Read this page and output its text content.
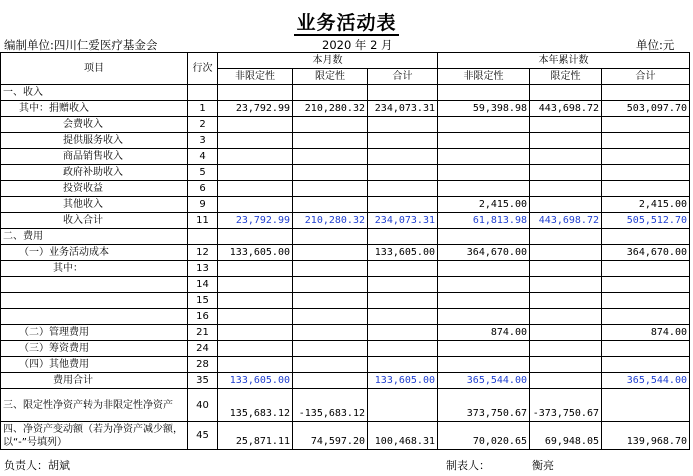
业务活动表
编制单位:四川仁爱医疗基金会	2020 年 2 月	单位:元
项目	行次	本月数			本年累计数		
		非限定性	限定性	合计	非限定性	限定性	合计
一、收入							
其中：捐赠收入	1	23,792.99	210,280.32	234,073.31	59,398.98	443,698.72	503,097.70
会费收入	2						
提供服务收入	3						
商品销售收入	4						
政府补助收入	5						
投资收益	6						
其他收入	9				2,415.00		2,415.00
收入合计	11	23,792.99	210,280.32	234,073.31	61,813.98	443,698.72	505,512.70
二、费用							
（一）业务活动成本	12	133,605.00		133,605.00	364,670.00		364,670.00
其中：	13						
	14						
	15						
	16						
（二）管理费用	21				874.00		874.00
（三）筹资费用	24						
（四）其他费用	28						
费用合计	35	133,605.00		133,605.00	365,544.00		365,544.00
三、限定性净资产转为非限定性净资产	40	135,683.12	-135,683.12		373,750.67	-373,750.67	
四、净资产变动额（若为净资产减少额，以“-”号填列）	45	25,871.11	74,597.20	100,468.31	70,020.65	69,948.05	139,968.70
负责人：胡斌	制表人：	衡亮
